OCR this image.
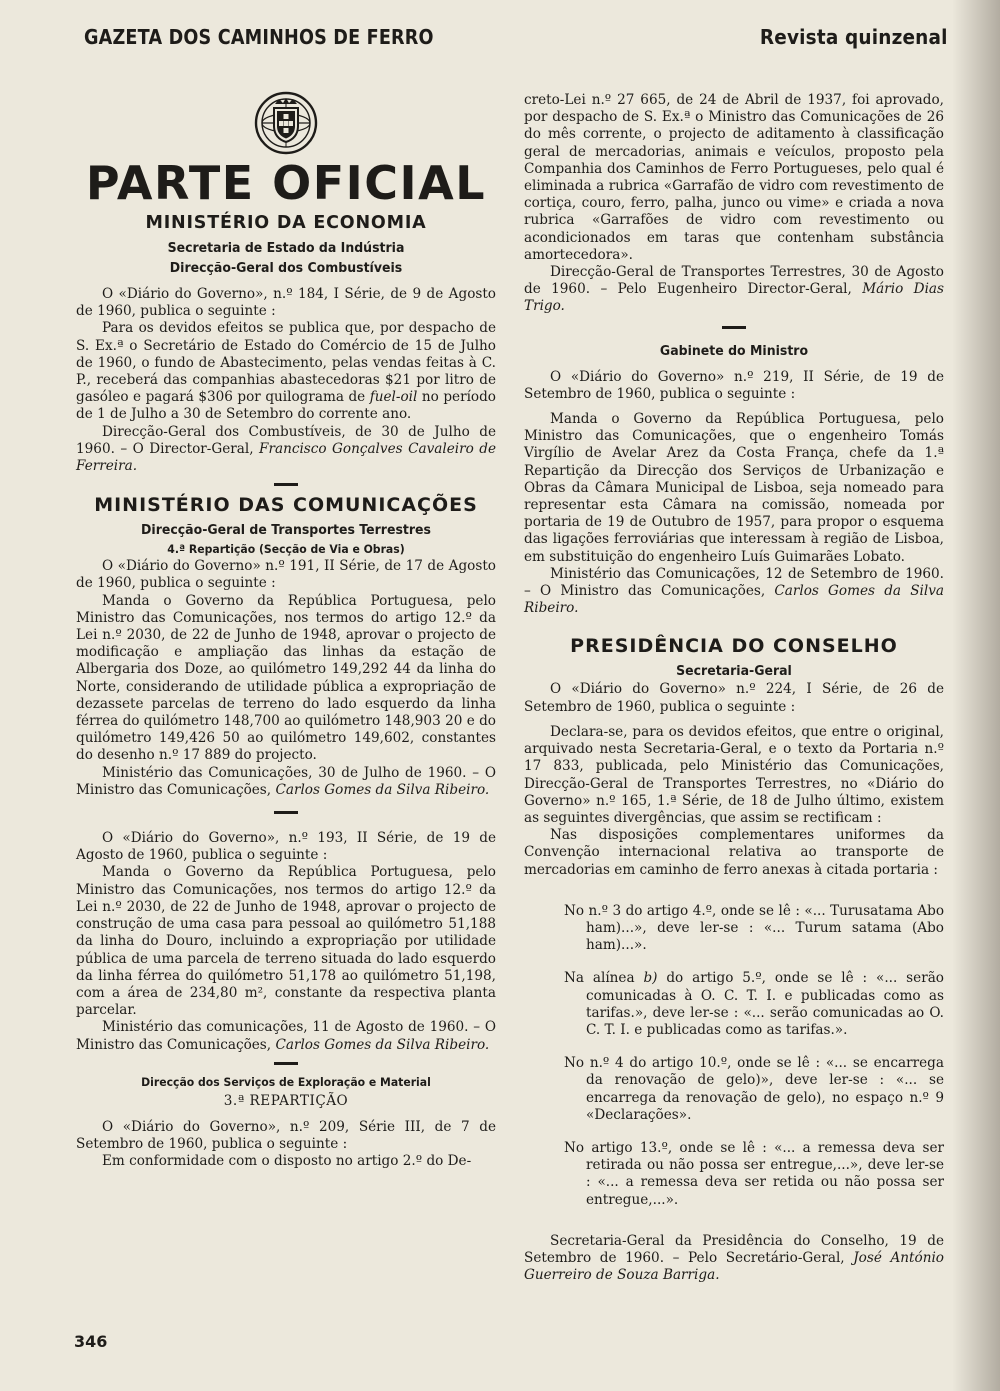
GAZETA DOS CAMINHOS DE FERRO	Revista quinzenal
PARTE OFICIAL
MINISTÉRIO DA ECONOMIA
Secretaria de Estado da Indústria
Direcção-Geral dos Combustíveis

O «Diário do Governo», n.º 184, I Série, de 9 de Agosto de 1960, publica o seguinte :

Para os devidos efeitos se publica que, por despacho de S. Ex.ª o Secretário de Estado do Comércio de 15 de Julho de 1960, o fundo de Abastecimento, pelas vendas feitas à C. P., receberá das companhias abastecedoras $21 por litro de gasóleo e pagará $306 por quilograma de fuel-oil no período de 1 de Julho a 30 de Setembro do corrente ano.

Direcção-Geral dos Combustíveis, de 30 de Julho de 1960. – O Director-Geral, Francisco Gonçalves Cavaleiro de Ferreira.

MINISTÉRIO DAS COMUNICAÇÕES
Direcção-Geral de Transportes Terrestres
4.ª Repartição (Secção de Via e Obras)

O «Diário do Governo» n.º 191, II Série, de 17 de Agosto de 1960, publica o seguinte :

Manda o Governo da República Portuguesa, pelo Ministro das Comunicações, nos termos do artigo 12.º da Lei n.º 2030, de 22 de Junho de 1948, aprovar o projecto de modificação e ampliação das linhas da estação de Albergaria dos Doze, ao quilómetro 149,292 44 da linha do Norte, considerando de utilidade pública a expropriação de dezassete parcelas de terreno do lado esquerdo da linha férrea do quilómetro 148,700 ao quilómetro 148,903 20 e do quilómetro 149,426 50 ao quilómetro 149,602, constantes do desenho n.º 17 889 do projecto.

Ministério das Comunicações, 30 de Julho de 1960. – O Ministro das Comunicações, Carlos Gomes da Silva Ribeiro.

O «Diário do Governo», n.º 193, II Série, de 19 de Agosto de 1960, publica o seguinte :

Manda o Governo da República Portuguesa, pelo Ministro das Comunicações, nos termos do artigo 12.º da Lei n.º 2030, de 22 de Junho de 1948, aprovar o projecto de construção de uma casa para pessoal ao quilómetro 51,188 da linha do Douro, incluindo a expropriação por utilidade pública de uma parcela de terreno situada do lado esquerdo da linha férrea do quilómetro 51,178 ao quilómetro 51,198, com a área de 234,80 m², constante da respectiva planta parcelar.

Ministério das comunicações, 11 de Agosto de 1960. – O Ministro das Comunicações, Carlos Gomes da Silva Ribeiro.

Direcção dos Serviços de Exploração e Material
3.ª REPARTIÇÃO

O «Diário do Governo», n.º 209, Série III, de 7 de Setembro de 1960, publica o seguinte :

Em conformidade com o disposto no artigo 2.º do De-

creto-Lei n.º 27 665, de 24 de Abril de 1937, foi aprovado, por despacho de S. Ex.ª o Ministro das Comunicações de 26 do mês corrente, o projecto de aditamento à classificação geral de mercadorias, animais e veículos, proposto pela Companhia dos Caminhos de Ferro Portugueses, pelo qual é eliminada a rubrica «Garrafão de vidro com revestimento de cortiça, couro, ferro, palha, junco ou vime» e criada a nova rubrica «Garrafões de vidro com revestimento ou acondicionados em taras que contenham substância amortecedora».

Direcção-Geral de Transportes Terrestres, 30 de Agosto de 1960. – Pelo Eugenheiro Director-Geral, Mário Dias Trigo.

Gabinete do Ministro

O «Diário do Governo» n.º 219, II Série, de 19 de Setembro de 1960, publica o seguinte :

Manda o Governo da República Portuguesa, pelo Ministro das Comunicações, que o engenheiro Tomás Virgílio de Avelar Arez da Costa França, chefe da 1.ª Repartição da Direcção dos Serviços de Urbanização e Obras da Câmara Municipal de Lisboa, seja nomeado para representar esta Câmara na comissão, nomeada por portaria de 19 de Outubro de 1957, para propor o esquema das ligações ferroviárias que interessam à região de Lisboa, em substituição do engenheiro Luís Guimarães Lobato.

Ministério das Comunicações, 12 de Setembro de 1960. – O Ministro das Comunicações, Carlos Gomes da Silva Ribeiro.

PRESIDÊNCIA DO CONSELHO
Secretaria-Geral

O «Diário do Governo» n.º 224, I Série, de 26 de Setembro de 1960, publica o seguinte :

Declara-se, para os devidos efeitos, que entre o original, arquivado nesta Secretaria-Geral, e o texto da Portaria n.º 17 833, publicada, pelo Ministério das Comunicações, Direcção-Geral de Transportes Terrestres, no «Diário do Governo» n.º 165, 1.ª Série, de 18 de Julho último, existem as seguintes divergências, que assim se rectificam :

Nas disposições complementares uniformes da Convenção internacional relativa ao transporte de mercadorias em caminho de ferro anexas à citada portaria :

No n.º 3 do artigo 4.º, onde se lê : «... Turusatama Abo ham)...», deve ler-se : «... Turum satama (Abo ham)...».

Na alínea b) do artigo 5.º, onde se lê : «... serão comunicadas à O. C. T. I. e publicadas como as tarifas.», deve ler-se : «... serão comunicadas ao O. C. T. I. e publicadas como as tarifas.».

No n.º 4 do artigo 10.º, onde se lê : «... se encarrega da renovação de gelo)», deve ler-se : «... se encarrega da renovação de gelo), no espaço n.º 9 «Declarações».

No artigo 13.º, onde se lê : «... a remessa deva ser retirada ou não possa ser entregue,...», deve ler-se : «... a remessa deva ser retida ou não possa ser entregue,...».

Secretaria-Geral da Presidência do Conselho, 19 de Setembro de 1960. – Pelo Secretário-Geral, José António Guerreiro de Souza Barriga.

346
